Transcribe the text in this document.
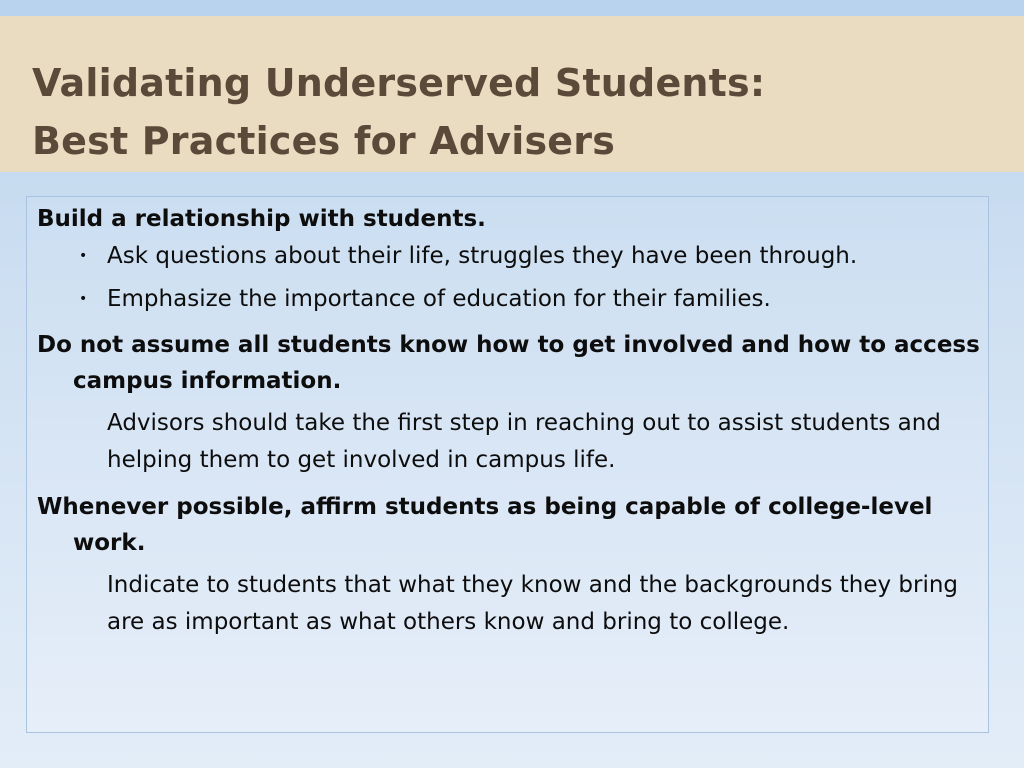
Validating Underserved Students:
Best Practices for Advisers

Build a relationship with students.

• Ask questions about their life, struggles they have been through.
• Emphasize the importance of education for their families.

Do not assume all students know how to get involved and how to access campus information.

Advisors should take the first step in reaching out to assist students and helping them to get involved in campus life.

Whenever possible, affirm students as being capable of college-level work.

Indicate to students that what they know and the backgrounds they bring are as important as what others know and bring to college.
